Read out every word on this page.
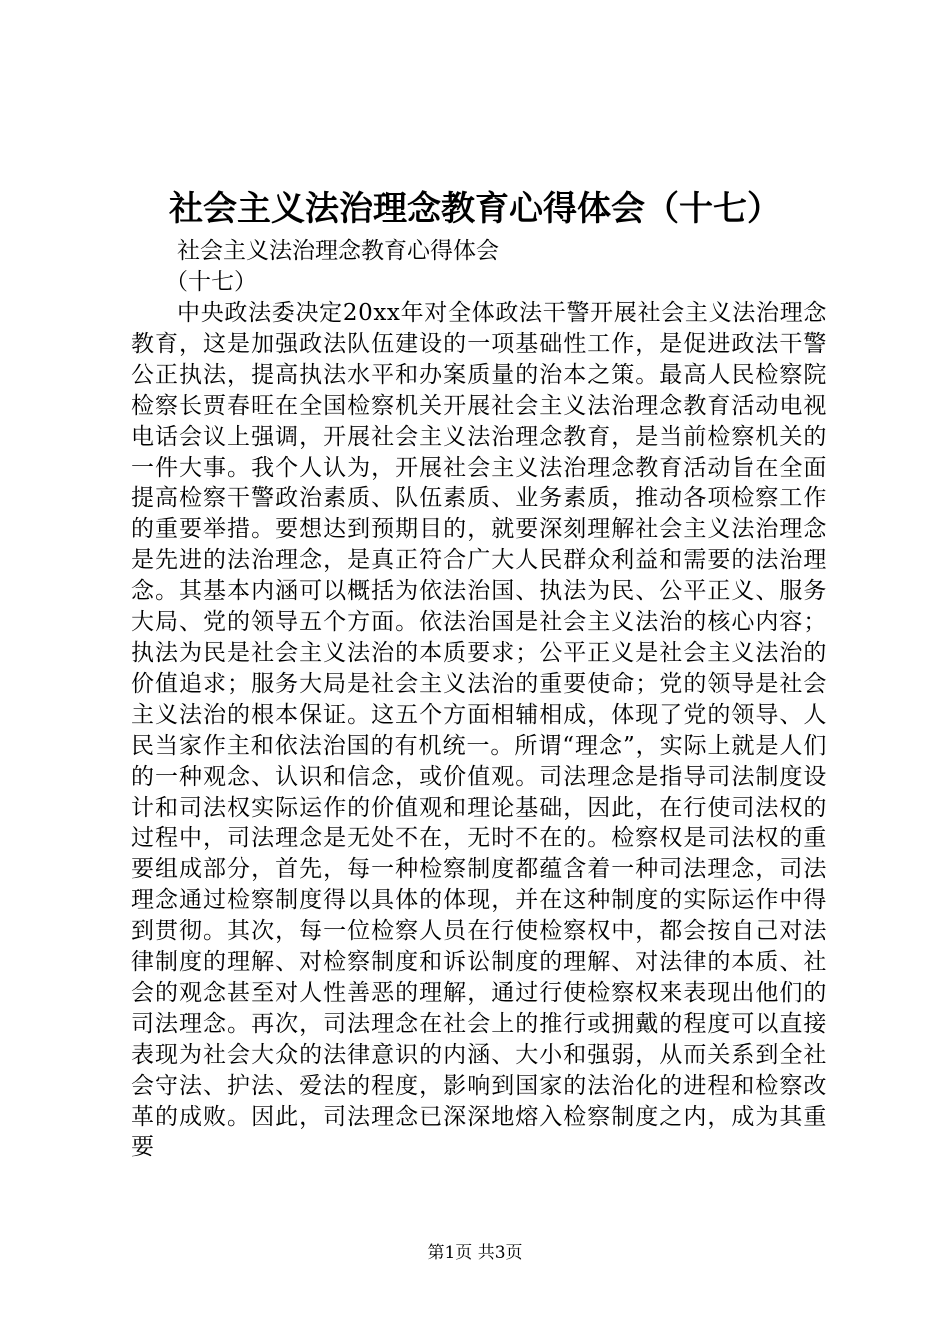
社会主义法治理念教育心得体会（十七）
社会主义法治理念教育心得体会
（十七）

中央政法委决定20xx年对全体政法干警开展社会主义法治理念教育，这是加强政法队伍建设的一项基础性工作，是促进政法干警公正执法，提高执法水平和办案质量的治本之策。最高人民检察院检察长贾春旺在全国检察机关开展社会主义法治理念教育活动电视电话会议上强调，开展社会主义法治理念教育，是当前检察机关的一件大事。我个人认为，开展社会主义法治理念教育活动旨在全面提高检察干警政治素质、队伍素质、业务素质，推动各项检察工作的重要举措。要想达到预期目的，就要深刻理解社会主义法治理念是先进的法治理念，是真正符合广大人民群众利益和需要的法治理念。其基本内涵可以概括为依法治国、执法为民、公平正义、服务大局、党的领导五个方面。依法治国是社会主义法治的核心内容；执法为民是社会主义法治的本质要求；公平正义是社会主义法治的价值追求；服务大局是社会主义法治的重要使命；党的领导是社会主义法治的根本保证。这五个方面相辅相成，体现了党的领导、人民当家作主和依法治国的有机统一。所谓“理念”，实际上就是人们的一种观念、认识和信念，或价值观。司法理念是指导司法制度设计和司法权实际运作的价值观和理论基础，因此，在行使司法权的过程中，司法理念是无处不在，无时不在的。检察权是司法权的重要组成部分，首先，每一种检察制度都蕴含着一种司法理念，司法理念通过检察制度得以具体的体现，并在这种制度的实际运作中得到贯彻。其次，每一位检察人员在行使检察权中，都会按自己对法律制度的理解、对检察制度和诉讼制度的理解、对法律的本质、社会的观念甚至对人性善恶的理解，通过行使检察权来表现出他们的司法理念。再次，司法理念在社会上的推行或拥戴的程度可以直接表现为社会大众的法律意识的内涵、大小和强弱，从而关系到全社会守法、护法、爱法的程度，影响到国家的法治化的进程和检察改革的成败。因此，司法理念已深深地熔入检察制度之内，成为其重要

第1页 共3页
